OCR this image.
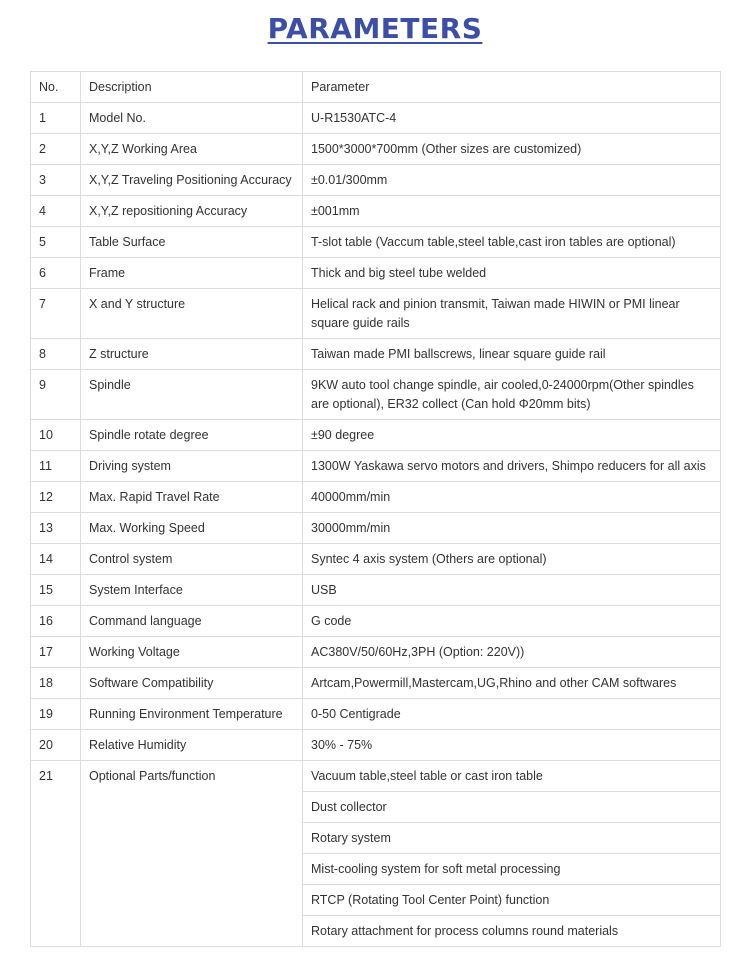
PARAMETERS
No.	Description	Parameter
1	Model No.	U-R1530ATC-4
2	X,Y,Z Working Area	1500*3000*700mm (Other sizes are customized)
3	X,Y,Z Traveling Positioning Accuracy	±0.01/300mm
4	X,Y,Z repositioning Accuracy	±001mm
5	Table Surface	T-slot table (Vaccum table,steel table,cast iron tables are optional)
6	Frame	Thick and big steel tube welded
7	X and Y structure	Helical rack and pinion transmit, Taiwan made HIWIN or PMI linear square guide rails
8	Z structure	Taiwan made PMI ballscrews, linear square guide rail
9	Spindle	9KW auto tool change spindle, air cooled,0-24000rpm(Other spindles are optional), ER32 collect (Can hold Φ20mm bits)
10	Spindle rotate degree	±90 degree
11	Driving system	1300W Yaskawa servo motors and drivers, Shimpo reducers for all axis
12	Max. Rapid Travel Rate	40000mm/min
13	Max. Working Speed	30000mm/min
14	Control system	Syntec 4 axis system (Others are optional)
15	System Interface	USB
16	Command language	G code
17	Working Voltage	AC380V/50/60Hz,3PH (Option: 220V))
18	Software Compatibility	Artcam,Powermill,Mastercam,UG,Rhino and other CAM softwares
19	Running Environment Temperature	0-50 Centigrade
20	Relative Humidity	30% - 75%
21	Optional Parts/function	Vacuum table,steel table or cast iron table
		Dust collector
		Rotary system
		Mist-cooling system for soft metal processing
		RTCP (Rotating Tool Center Point) function
		Rotary attachment for process columns round materials
